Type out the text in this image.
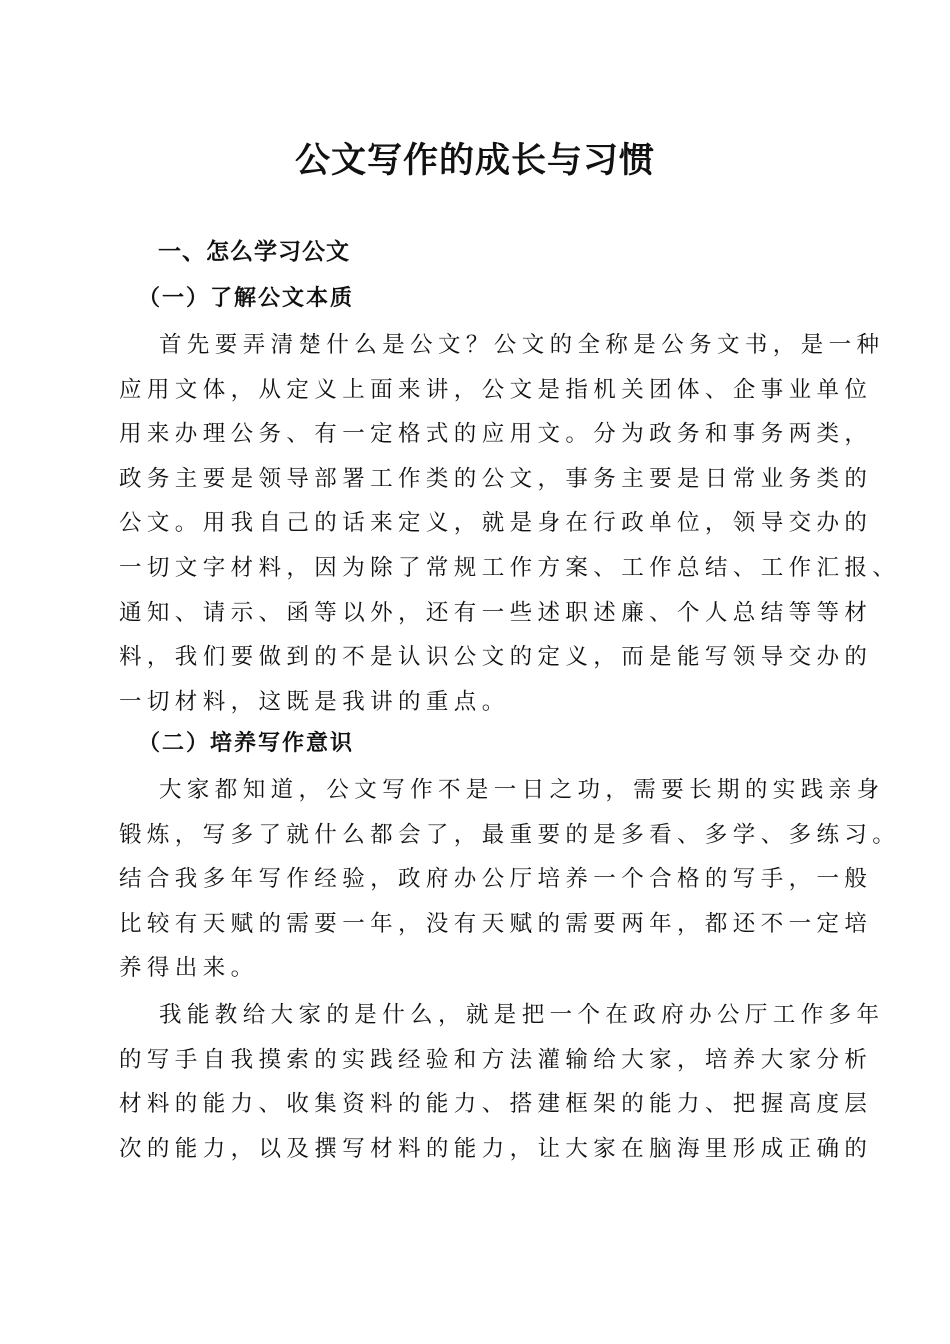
公文写作的成长与习惯
一、怎么学习公文
（一）了解公文本质
首先要弄清楚什么是公文？公文的全称是公务文书，是一种
应用文体，从定义上面来讲，公文是指机关团体、企事业单位
用来办理公务、有一定格式的应用文。分为政务和事务两类，
政务主要是领导部署工作类的公文，事务主要是日常业务类的
公文。用我自己的话来定义，就是身在行政单位，领导交办的
一切文字材料，因为除了常规工作方案、工作总结、工作汇报、
通知、请示、函等以外，还有一些述职述廉、个人总结等等材
料，我们要做到的不是认识公文的定义，而是能写领导交办的
一切材料，这既是我讲的重点。
（二）培养写作意识
大家都知道，公文写作不是一日之功，需要长期的实践亲身
锻炼，写多了就什么都会了，最重要的是多看、多学、多练习。
结合我多年写作经验，政府办公厅培养一个合格的写手，一般
比较有天赋的需要一年，没有天赋的需要两年，都还不一定培
养得出来。
我能教给大家的是什么，就是把一个在政府办公厅工作多年
的写手自我摸索的实践经验和方法灌输给大家，培养大家分析
材料的能力、收集资料的能力、搭建框架的能力、把握高度层
次的能力，以及撰写材料的能力，让大家在脑海里形成正确的
